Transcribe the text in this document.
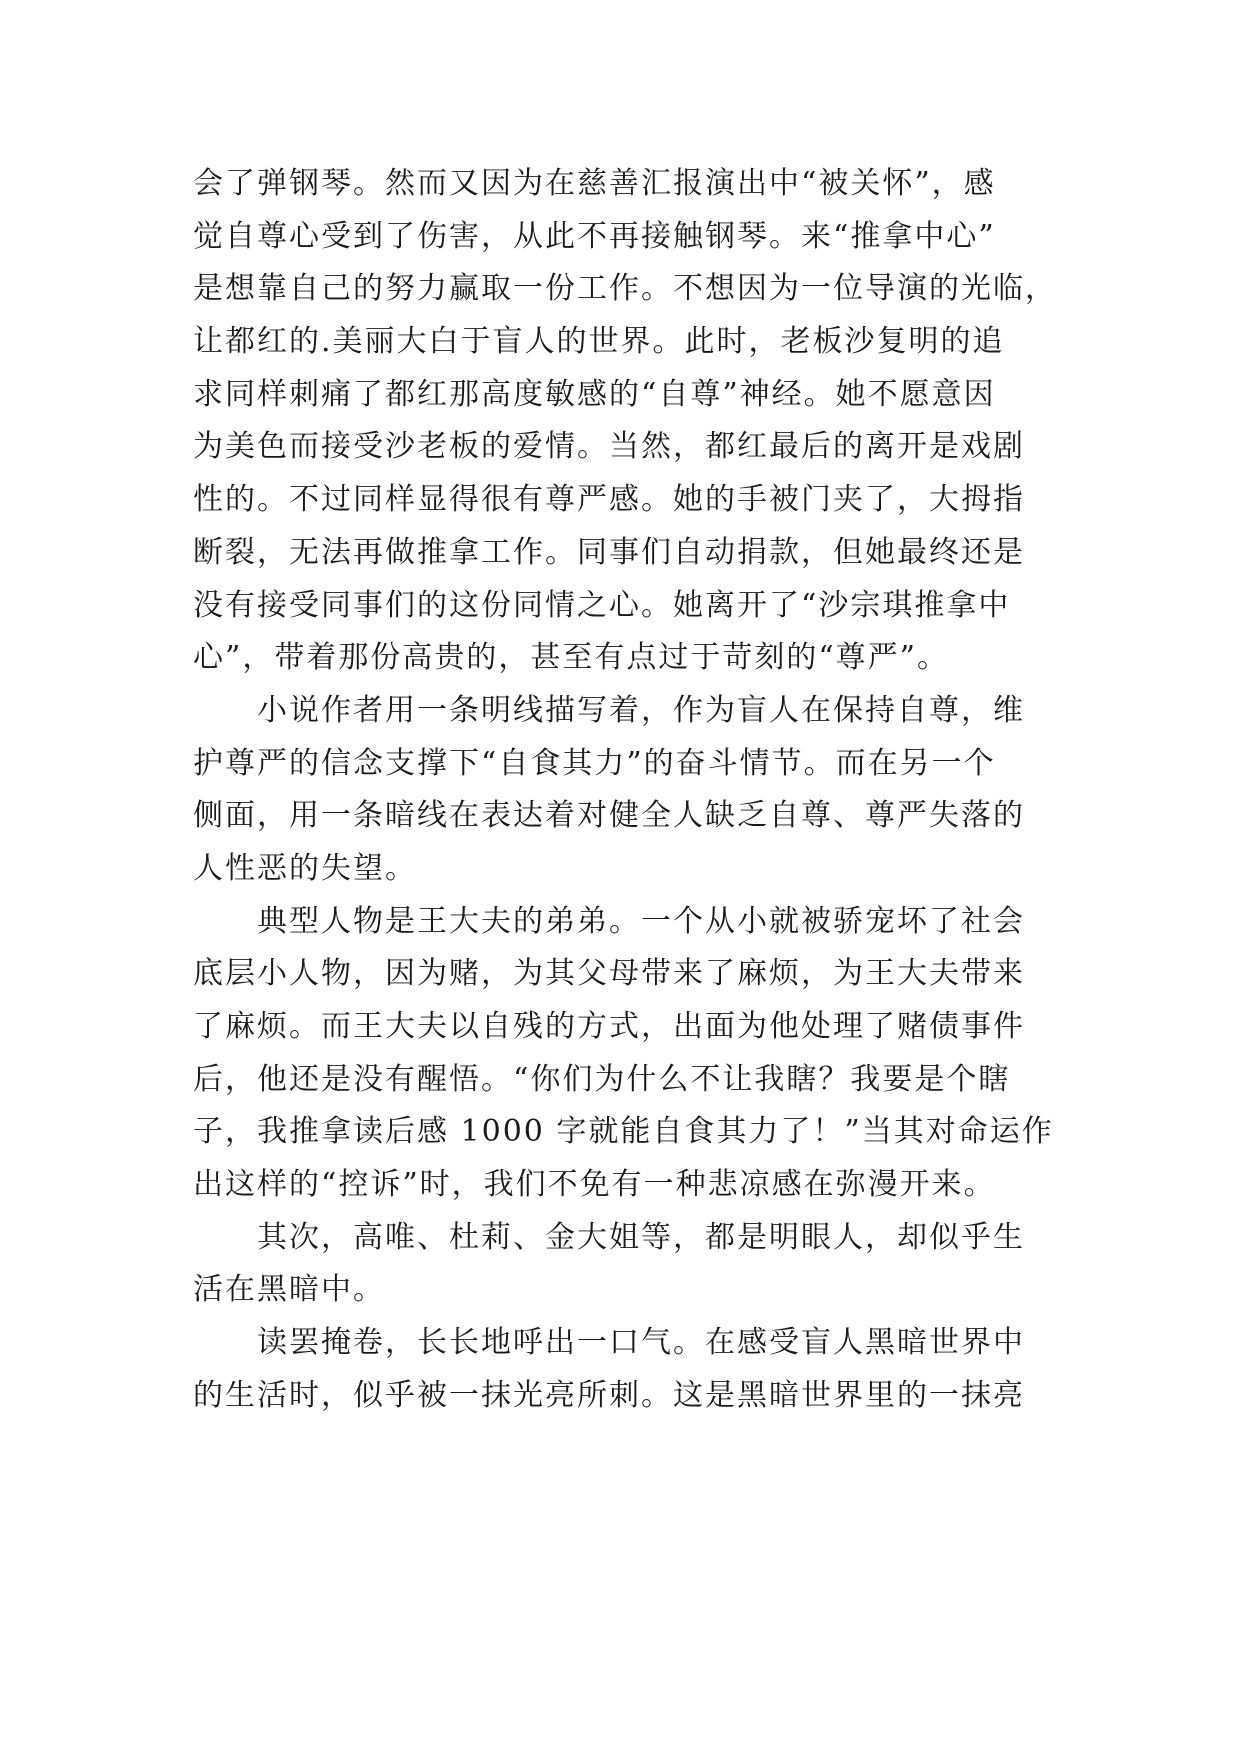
会了弹钢琴。然而又因为在慈善汇报演出中“被关怀”，感
觉自尊心受到了伤害，从此不再接触钢琴。来“推拿中心”
是想靠自己的努力赢取一份工作。不想因为一位导演的光临，
让都红的.美丽大白于盲人的世界。此时，老板沙复明的追
求同样刺痛了都红那高度敏感的“自尊”神经。她不愿意因
为美色而接受沙老板的爱情。当然，都红最后的离开是戏剧
性的。不过同样显得很有尊严感。她的手被门夹了，大拇指
断裂，无法再做推拿工作。同事们自动捐款，但她最终还是
没有接受同事们的这份同情之心。她离开了“沙宗琪推拿中
心”，带着那份高贵的，甚至有点过于苛刻的“尊严”。
小说作者用一条明线描写着，作为盲人在保持自尊，维
护尊严的信念支撑下“自食其力”的奋斗情节。而在另一个
侧面，用一条暗线在表达着对健全人缺乏自尊、尊严失落的
人性恶的失望。
典型人物是王大夫的弟弟。一个从小就被骄宠坏了社会
底层小人物，因为赌，为其父母带来了麻烦，为王大夫带来
了麻烦。而王大夫以自残的方式，出面为他处理了赌债事件
后，他还是没有醒悟。“你们为什么不让我瞎？我要是个瞎
子，我推拿读后感 1000 字就能自食其力了！”当其对命运作
出这样的“控诉”时，我们不免有一种悲凉感在弥漫开来。
其次，高唯、杜莉、金大姐等，都是明眼人，却似乎生
活在黑暗中。
读罢掩卷，长长地呼出一口气。在感受盲人黑暗世界中
的生活时，似乎被一抹光亮所刺。这是黑暗世界里的一抹亮
